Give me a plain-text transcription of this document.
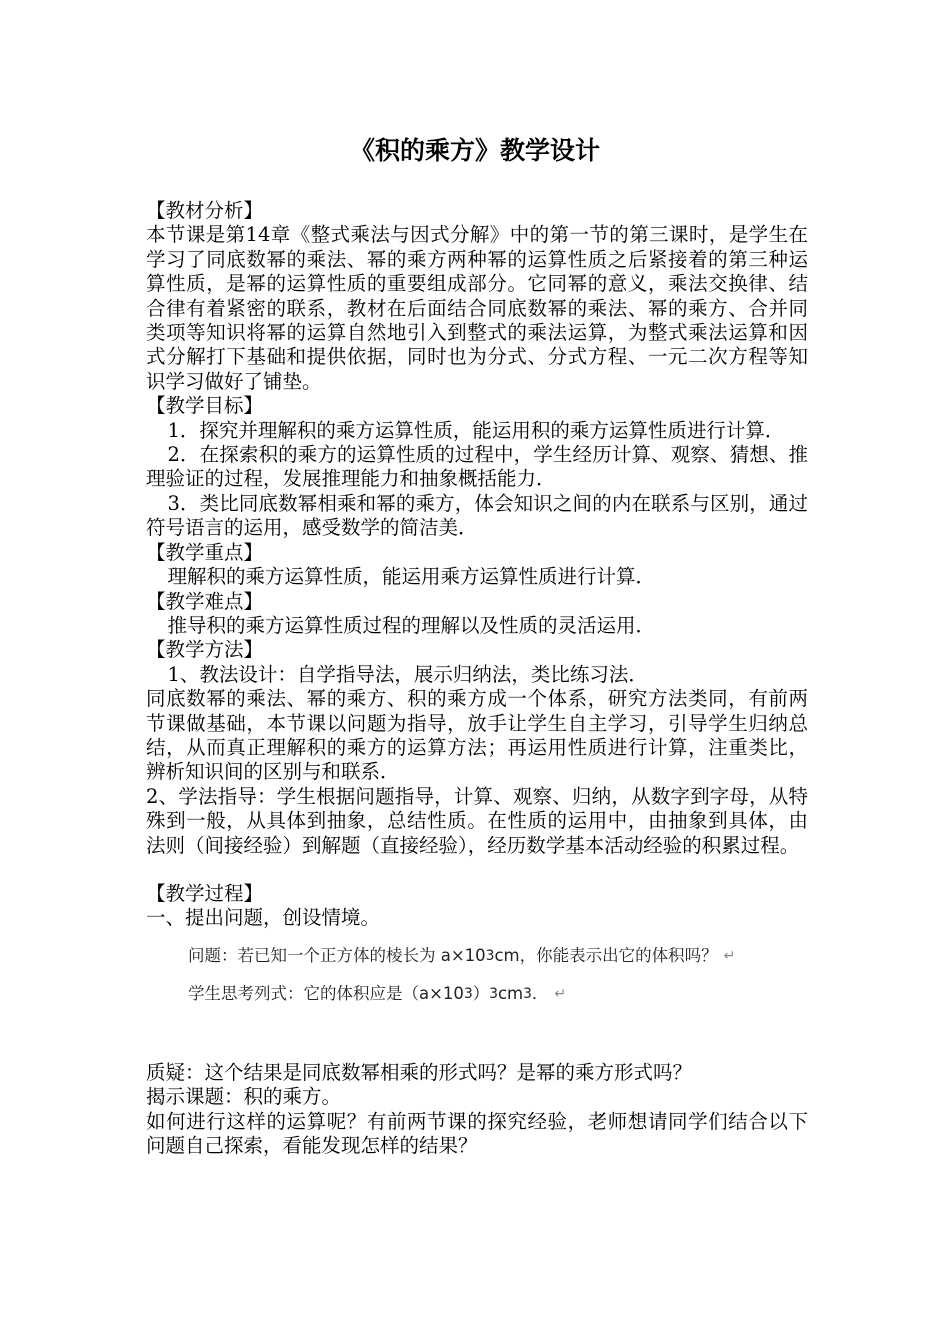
《积的乘方》教学设计

【教材分析】

本节课是第14章《整式乘法与因式分解》中的第一节的第三课时，是学生在学习了同底数幂的乘法、幂的乘方两种幂的运算性质之后紧接着的第三种运算性质，是幂的运算性质的重要组成部分。它同幂的意义，乘法交换律、结合律有着紧密的联系，教材在后面结合同底数幂的乘法、幂的乘方、合并同类项等知识将幂的运算自然地引入到整式的乘法运算，为整式乘法运算和因式分解打下基础和提供依据，同时也为分式、分式方程、一元二次方程等知识学习做好了铺垫。

【教学目标】

1．探究并理解积的乘方运算性质，能运用积的乘方运算性质进行计算．

2．在探索积的乘方的运算性质的过程中，学生经历计算、观察、猜想、推理验证的过程，发展推理能力和抽象概括能力．

3．类比同底数幂相乘和幂的乘方，体会知识之间的内在联系与区别，通过符号语言的运用，感受数学的简洁美．

【教学重点】

理解积的乘方运算性质，能运用乘方运算性质进行计算．

【教学难点】

推导积的乘方运算性质过程的理解以及性质的灵活运用．

【教学方法】

1、教法设计：自学指导法，展示归纳法，类比练习法．

同底数幂的乘法、幂的乘方、积的乘方成一个体系，研究方法类同，有前两节课做基础，本节课以问题为指导，放手让学生自主学习，引导学生归纳总结，从而真正理解积的乘方的运算方法；再运用性质进行计算，注重类比，辨析知识间的区别与和联系．

2、学法指导：学生根据问题指导，计算、观察、归纳，从数字到字母，从特殊到一般，从具体到抽象，总结性质。在性质的运用中，由抽象到具体，由法则（间接经验）到解题（直接经验），经历数学基本活动经验的积累过程。

【教学过程】

一、提出问题，创设情境。

问题：若已知一个正方体的棱长为 a×10 3 cm，你能表示出它的体积吗？ ↵
学生思考列式：它的体积应是（a×10 3 ） 3 cm 3 ． ↵

质疑：这个结果是同底数幂相乘的形式吗？是幂的乘方形式吗？

揭示课题：积的乘方。

如何进行这样的运算呢？有前两节课的探究经验，老师想请同学们结合以下问题自己探索，看能发现怎样的结果？
